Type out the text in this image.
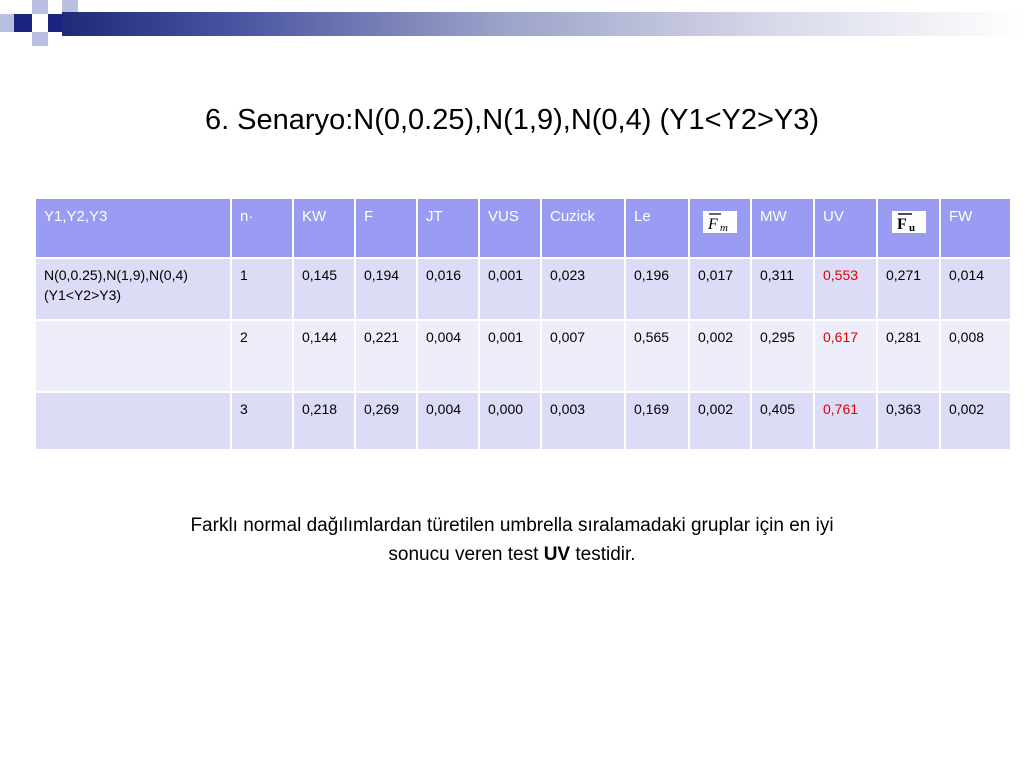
6. Senaryo:N(0,0.25),N(1,9),N(0,4) (Y1<Y2>Y3)
Y1,Y2,Y3	n·	KW	F	JT	VUS	Cuzick	Le	F m	MW	UV	F u	FW
N(0,0.25),N(1,9),N(0,4) (Y1<Y2>Y3)	1	0,145	0,194	0,016	0,001	0,023	0,196	0,017	0,311	0,553	0,271	0,014
	2	0,144	0,221	0,004	0,001	0,007	0,565	0,002	0,295	0,617	0,281	0,008
	3	0,218	0,269	0,004	0,000	0,003	0,169	0,002	0,405	0,761	0,363	0,002
Farklı normal dağılımlardan türetilen umbrella sıralamadaki gruplar için en iyi
sonucu veren test UV testidir.
